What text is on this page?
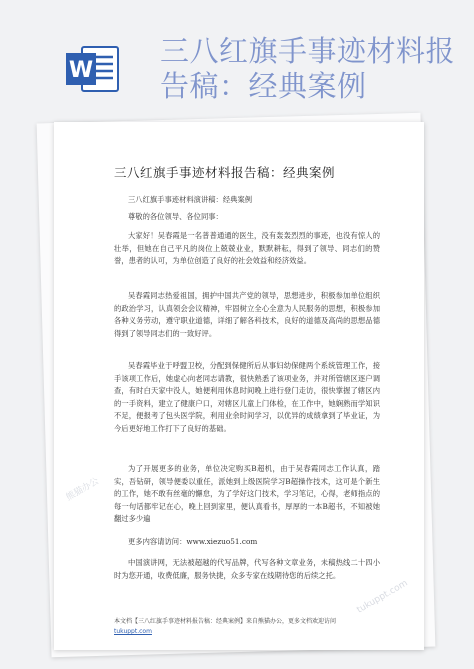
W
三八红旗手事迹材料报告稿：经典案例
三八红旗手事迹材料报告稿：经典案例

三八红旗手事迹材料演讲稿：经典案例

尊敬的各位领导、各位同事：

大家好！吴春霞是一名普普通通的医生，没有轰轰烈烈的事迹，也没有惊人的壮举，但她在自己平凡的岗位上兢兢业业，默默耕耘，得到了领导、同志们的赞誉，患者的认可，为单位创造了良好的社会效益和经济效益。

吴春霞同志热爱祖国，拥护中国共产党的领导，思想进步，积极参加单位组织的政治学习，认真领会会议精神，牢固树立全心全意为人民服务的思想，积极参加各种义务劳动，遵守职业道德，详细了解各科技术，良好的道德及高尚的思想品德得到了领导同志们的一致好评。

吴春霞毕业于呼盟卫校，分配到保健所后从事妇幼保健两个系统管理工作，接手该项工作后，她虚心向老同志请教，很快熟悉了该项业务，并对所管辖区逐户调查，有时白天家中没人，她便利用休息时间晚上进行登门走访，很快掌握了辖区内的一手资料，建立了健康户口，对辖区儿童上门体检，在工作中，她娴熟而学知识不足，便报考了包头医学院，利用业余时间学习，以优异的成绩拿到了毕业证，为今后更好地工作打下了良好的基础。

为了开展更多的业务，单位决定购买B超机，由于吴春霞同志工作认真，踏实，吾钻研，领导便委以重任，派她到上级医院学习B超操作技术，这可是个新生的工作，她不敢有丝毫的懈怠，为了学好这门技术，学习笔记，心得，老师指点的每一句话都牢记在心，晚上回到家里，便认真看书，厚厚的一本B超书，不知被她翻过多少遍

更多内容请访问：www.xiezuo51.com

中国演讲网，无法被超越的代写品牌，代写各种文章业务，未稿热线二十四小时为您开通，收费低廉，服务快捷，众多专家在线期待您的后续之托。

本文档【三八红旗手事迹材料报告稿：经典案例】来自熊猫办公，更多文档欢迎访问
tukuppt.com
熊猫办公
tukuppt.com
